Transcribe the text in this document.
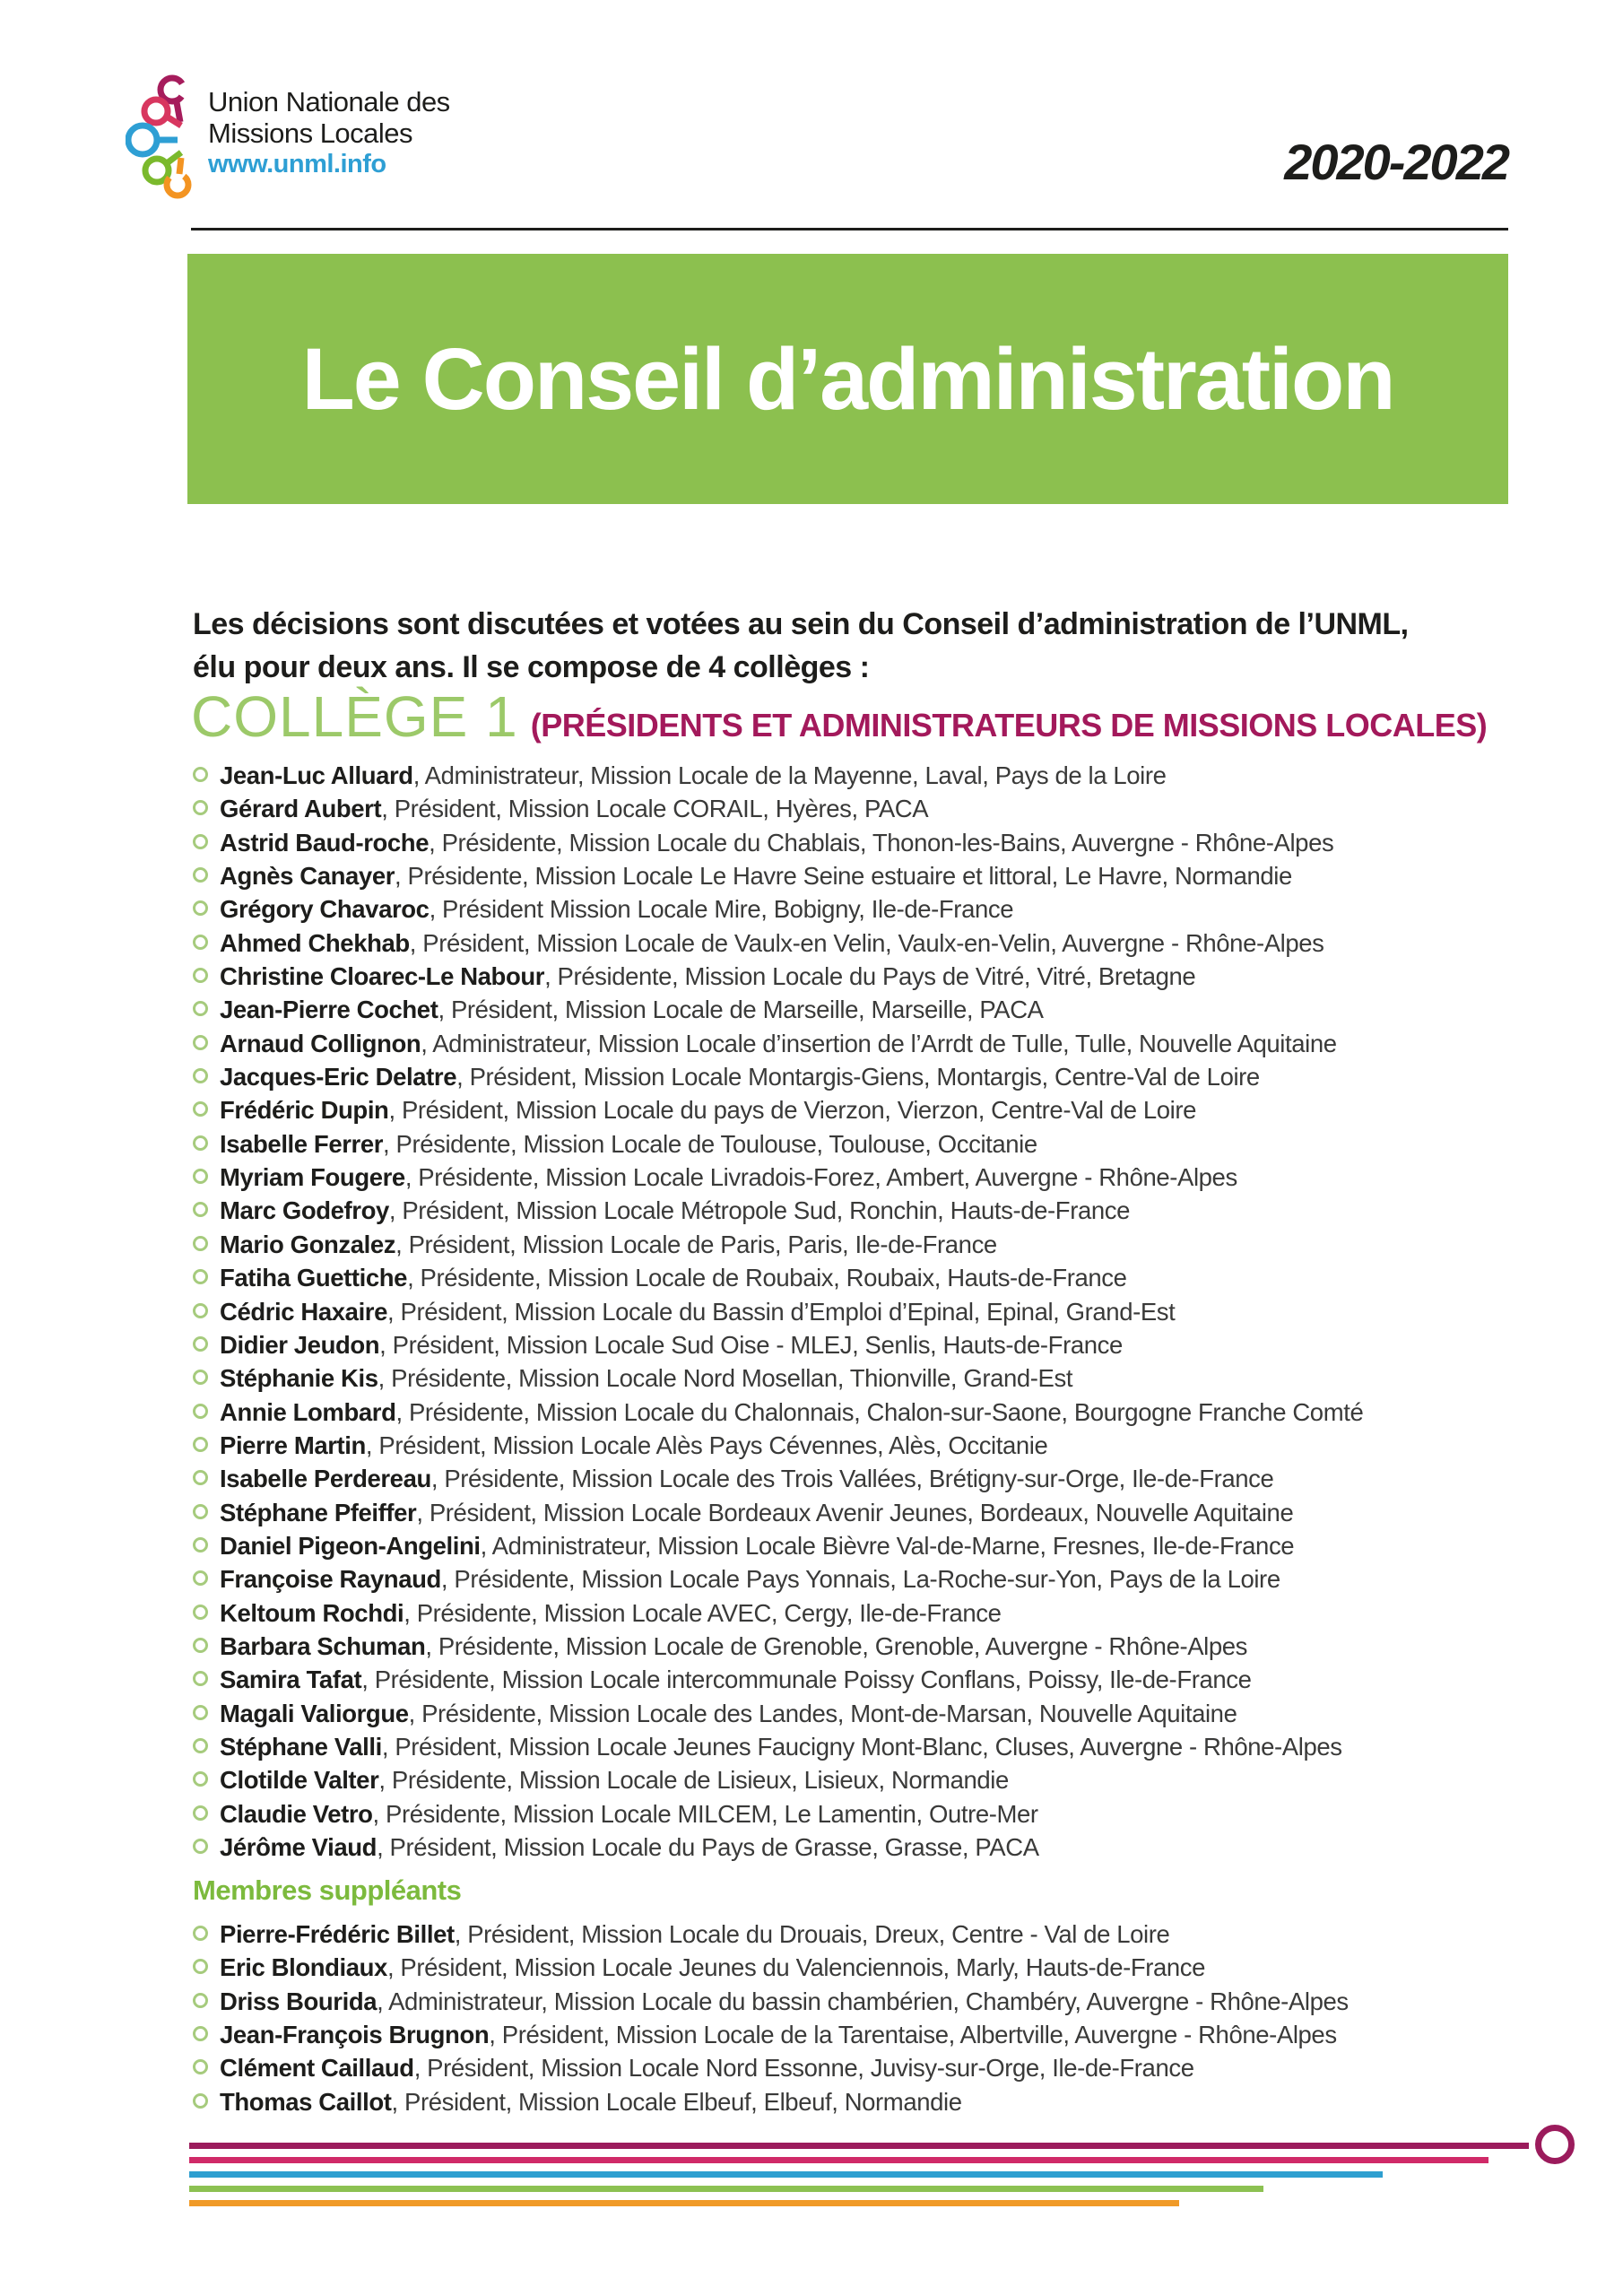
Union Nationale des
Missions Locales
www.unml.info	2020-2022
Le Conseil d’administration

Les décisions sont discutées et votées au sein du Conseil d’administration de l’UNML,
élu pour deux ans. Il se compose de 4 collèges :

COLLÈGE 1 (PRÉSIDENTS ET ADMINISTRATEURS DE MISSIONS LOCALES)
Jean-Luc Alluard, Administrateur, Mission Locale de la Mayenne, Laval, Pays de la Loire
Gérard Aubert, Président, Mission Locale CORAIL, Hyères, PACA
Astrid Baud-roche, Présidente, Mission Locale du Chablais, Thonon-les-Bains, Auvergne - Rhône-Alpes
Agnès Canayer, Présidente, Mission Locale Le Havre Seine estuaire et littoral, Le Havre, Normandie
Grégory Chavaroc, Président Mission Locale Mire, Bobigny, Ile-de-France
Ahmed Chekhab, Président, Mission Locale de Vaulx-en Velin, Vaulx-en-Velin, Auvergne - Rhône-Alpes
Christine Cloarec-Le Nabour, Présidente, Mission Locale du Pays de Vitré, Vitré, Bretagne
Jean-Pierre Cochet, Président, Mission Locale de Marseille, Marseille, PACA
Arnaud Collignon, Administrateur, Mission Locale d’insertion de l’Arrdt de Tulle, Tulle, Nouvelle Aquitaine
Jacques-Eric Delatre, Président, Mission Locale Montargis-Giens, Montargis, Centre-Val de Loire
Frédéric Dupin, Président, Mission Locale du pays de Vierzon, Vierzon, Centre-Val de Loire
Isabelle Ferrer, Présidente, Mission Locale de Toulouse, Toulouse, Occitanie
Myriam Fougere, Présidente, Mission Locale Livradois-Forez, Ambert, Auvergne - Rhône-Alpes
Marc Godefroy, Président, Mission Locale Métropole Sud, Ronchin, Hauts-de-France
Mario Gonzalez, Président, Mission Locale de Paris, Paris, Ile-de-France
Fatiha Guettiche, Présidente, Mission Locale de Roubaix, Roubaix, Hauts-de-France
Cédric Haxaire, Président, Mission Locale du Bassin d’Emploi d’Epinal, Epinal, Grand-Est
Didier Jeudon, Président, Mission Locale Sud Oise - MLEJ, Senlis, Hauts-de-France
Stéphanie Kis, Présidente, Mission Locale Nord Mosellan, Thionville, Grand-Est
Annie Lombard, Présidente, Mission Locale du Chalonnais, Chalon-sur-Saone, Bourgogne Franche Comté
Pierre Martin, Président, Mission Locale Alès Pays Cévennes, Alès, Occitanie
Isabelle Perdereau, Présidente, Mission Locale des Trois Vallées, Brétigny-sur-Orge, Ile-de-France
Stéphane Pfeiffer, Président, Mission Locale Bordeaux Avenir Jeunes, Bordeaux, Nouvelle Aquitaine
Daniel Pigeon-Angelini, Administrateur, Mission Locale Bièvre Val-de-Marne, Fresnes, Ile-de-France
Françoise Raynaud, Présidente, Mission Locale Pays Yonnais, La-Roche-sur-Yon, Pays de la Loire
Keltoum Rochdi, Présidente, Mission Locale AVEC, Cergy, Ile-de-France
Barbara Schuman, Présidente, Mission Locale de Grenoble, Grenoble, Auvergne - Rhône-Alpes
Samira Tafat, Présidente, Mission Locale intercommunale Poissy Conflans, Poissy, Ile-de-France
Magali Valiorgue, Présidente, Mission Locale des Landes, Mont-de-Marsan, Nouvelle Aquitaine
Stéphane Valli, Président, Mission Locale Jeunes Faucigny Mont-Blanc, Cluses, Auvergne - Rhône-Alpes
Clotilde Valter, Présidente, Mission Locale de Lisieux, Lisieux, Normandie
Claudie Vetro, Présidente, Mission Locale MILCEM, Le Lamentin, Outre-Mer
Jérôme Viaud, Président, Mission Locale du Pays de Grasse, Grasse, PACA
Membres suppléants
Pierre-Frédéric Billet, Président, Mission Locale du Drouais, Dreux, Centre - Val de Loire
Eric Blondiaux, Président, Mission Locale Jeunes du Valenciennois, Marly, Hauts-de-France
Driss Bourida, Administrateur, Mission Locale du bassin chambérien, Chambéry, Auvergne - Rhône-Alpes
Jean-François Brugnon, Président, Mission Locale de la Tarentaise, Albertville, Auvergne - Rhône-Alpes
Clément Caillaud, Président, Mission Locale Nord Essonne, Juvisy-sur-Orge, Ile-de-France
Thomas Caillot, Président, Mission Locale Elbeuf, Elbeuf, Normandie
